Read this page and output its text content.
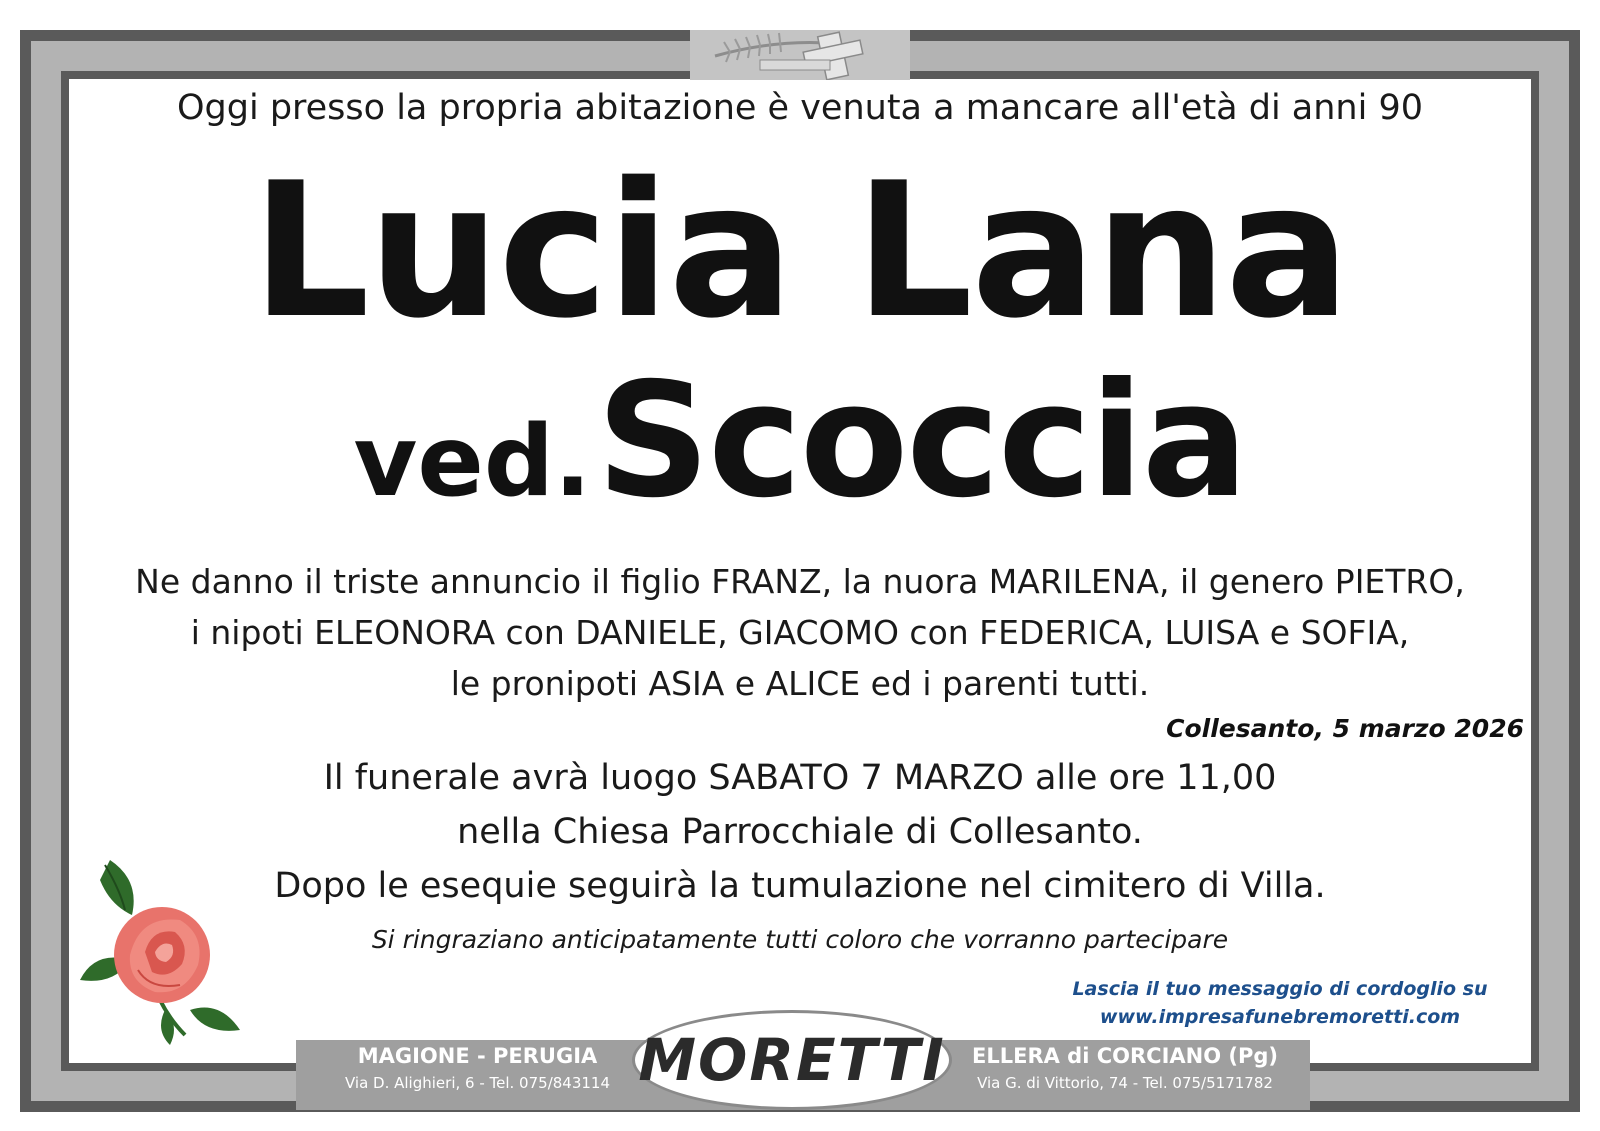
Oggi presso la propria abitazione è venuta a mancare all'età di anni 90
Lucia Lana
ved. Scoccia
Ne danno il triste annuncio il figlio FRANZ, la nuora MARILENA, il genero PIETRO,
i nipoti ELEONORA con DANIELE, GIACOMO con FEDERICA, LUISA e SOFIA,
le pronipoti ASIA e ALICE ed i parenti tutti.
Collesanto, 5 marzo 2026
Il funerale avrà luogo SABATO 7 MARZO alle ore 11,00
nella Chiesa Parrocchiale di Collesanto.
Dopo le esequie seguirà la tumulazione nel cimitero di Villa.
Si ringraziano anticipatamente tutti coloro che vorranno partecipare
Lascia il tuo messaggio di cordoglio su
www.impresafunebremoretti.com
MAGIONE - PERUGIA
Via D. Alighieri, 6 - Tel. 075/843114
ELLERA di CORCIANO (Pg)
Via G. di Vittorio, 74 - Tel. 075/5171782
MORETTI
